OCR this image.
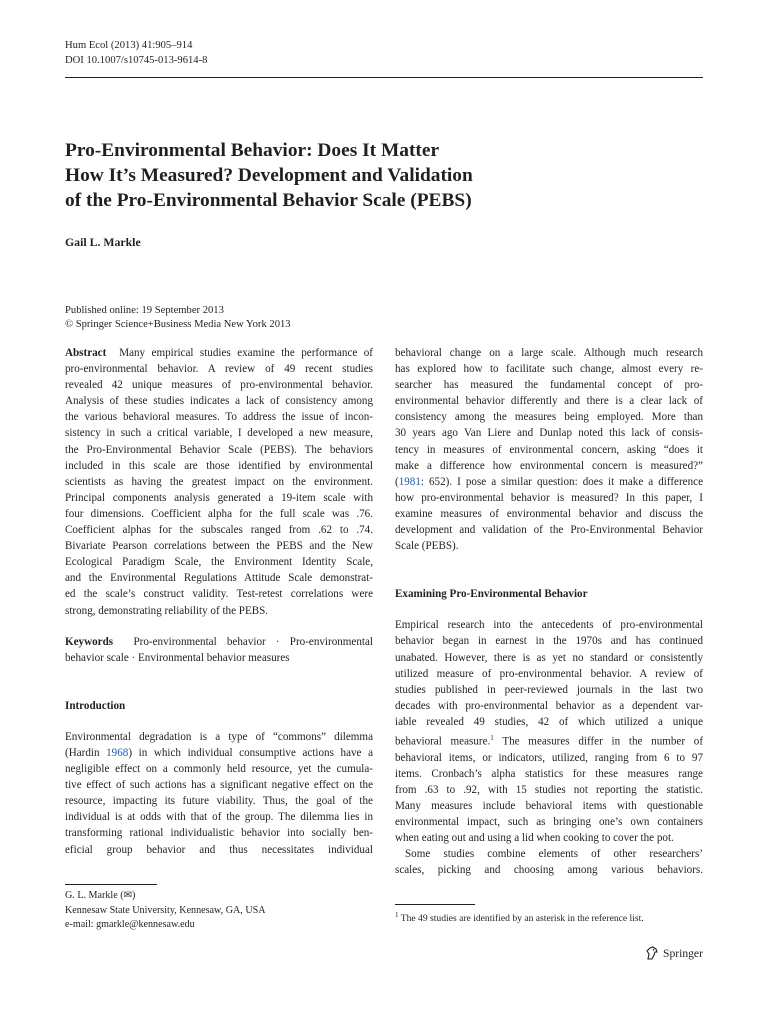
Hum Ecol (2013) 41:905–914
DOI 10.1007/s10745-013-9614-8
Pro-Environmental Behavior: Does It Matter
How It’s Measured? Development and Validation
of the Pro-Environmental Behavior Scale (PEBS)
Gail L. Markle
Published online: 19 September 2013
© Springer Science+Business Media New York 2013
Abstract Many empirical studies examine the performance of
pro-environmental behavior. A review of 49 recent studies
revealed 42 unique measures of pro-environmental behavior.
Analysis of these studies indicates a lack of consistency among
the various behavioral measures. To address the issue of incon-
sistency in such a critical variable, I developed a new measure,
the Pro-Environmental Behavior Scale (PEBS). The behaviors
included in this scale are those identified by environmental
scientists as having the greatest impact on the environment.
Principal components analysis generated a 19-item scale with
four dimensions. Coefficient alpha for the full scale was .76.
Coefficient alphas for the subscales ranged from .62 to .74.
Bivariate Pearson correlations between the PEBS and the New
Ecological Paradigm Scale, the Environment Identity Scale,
and the Environmental Regulations Attitude Scale demonstrat-
ed the scale’s construct validity. Test-retest correlations were
strong, demonstrating reliability of the PEBS.
Keywords Pro-environmental behavior · Pro-environmental
behavior scale · Environmental behavior measures
Introduction
Environmental degradation is a type of “commons” dilemma
(Hardin 1968) in which individual consumptive actions have a
negligible effect on a commonly held resource, yet the cumula-
tive effect of such actions has a significant negative effect on the
resource, impacting its future viability. Thus, the goal of the
individual is at odds with that of the group. The dilemma lies in
transforming rational individualistic behavior into socially ben-
eficial group behavior and thus necessitates individual
behavioral change on a large scale. Although much research
has explored how to facilitate such change, almost every re-
searcher has measured the fundamental concept of pro-
environmental behavior differently and there is a clear lack of
consistency among the measures being employed. More than
30 years ago Van Liere and Dunlap noted this lack of consis-
tency in measures of environmental concern, asking “does it
make a difference how environmental concern is measured?”
(1981: 652). I pose a similar question: does it make a difference
how pro-environmental behavior is measured? In this paper, I
examine measures of environmental behavior and discuss the
development and validation of the Pro-Environmental Behavior
Scale (PEBS).
Examining Pro-Environmental Behavior
Empirical research into the antecedents of pro-environmental
behavior began in earnest in the 1970s and has continued
unabated. However, there is as yet no standard or consistently
utilized measure of pro-environmental behavior. A review of
studies published in peer-reviewed journals in the last two
decades with pro-environmental behavior as a dependent var-
iable revealed 49 studies, 42 of which utilized a unique
behavioral measure.$^1$ The measures differ in the number of
behavioral items, or indicators, utilized, ranging from 6 to 97
items. Cronbach’s alpha statistics for these measures range
from .63 to .92, with 15 studies not reporting the statistic.
Many measures include behavioral items with questionable
environmental impact, such as bringing one’s own containers
when eating out and using a lid when cooking to cover the pot.
Some studies combine elements of other researchers’
scales, picking and choosing among various behaviors.
G. L. Markle (✉)
Kennesaw State University, Kennesaw, GA, USA
e-mail: gmarkle@kennesaw.edu
$^1$ The 49 studies are identified by an asterisk in the reference list.
Springer
